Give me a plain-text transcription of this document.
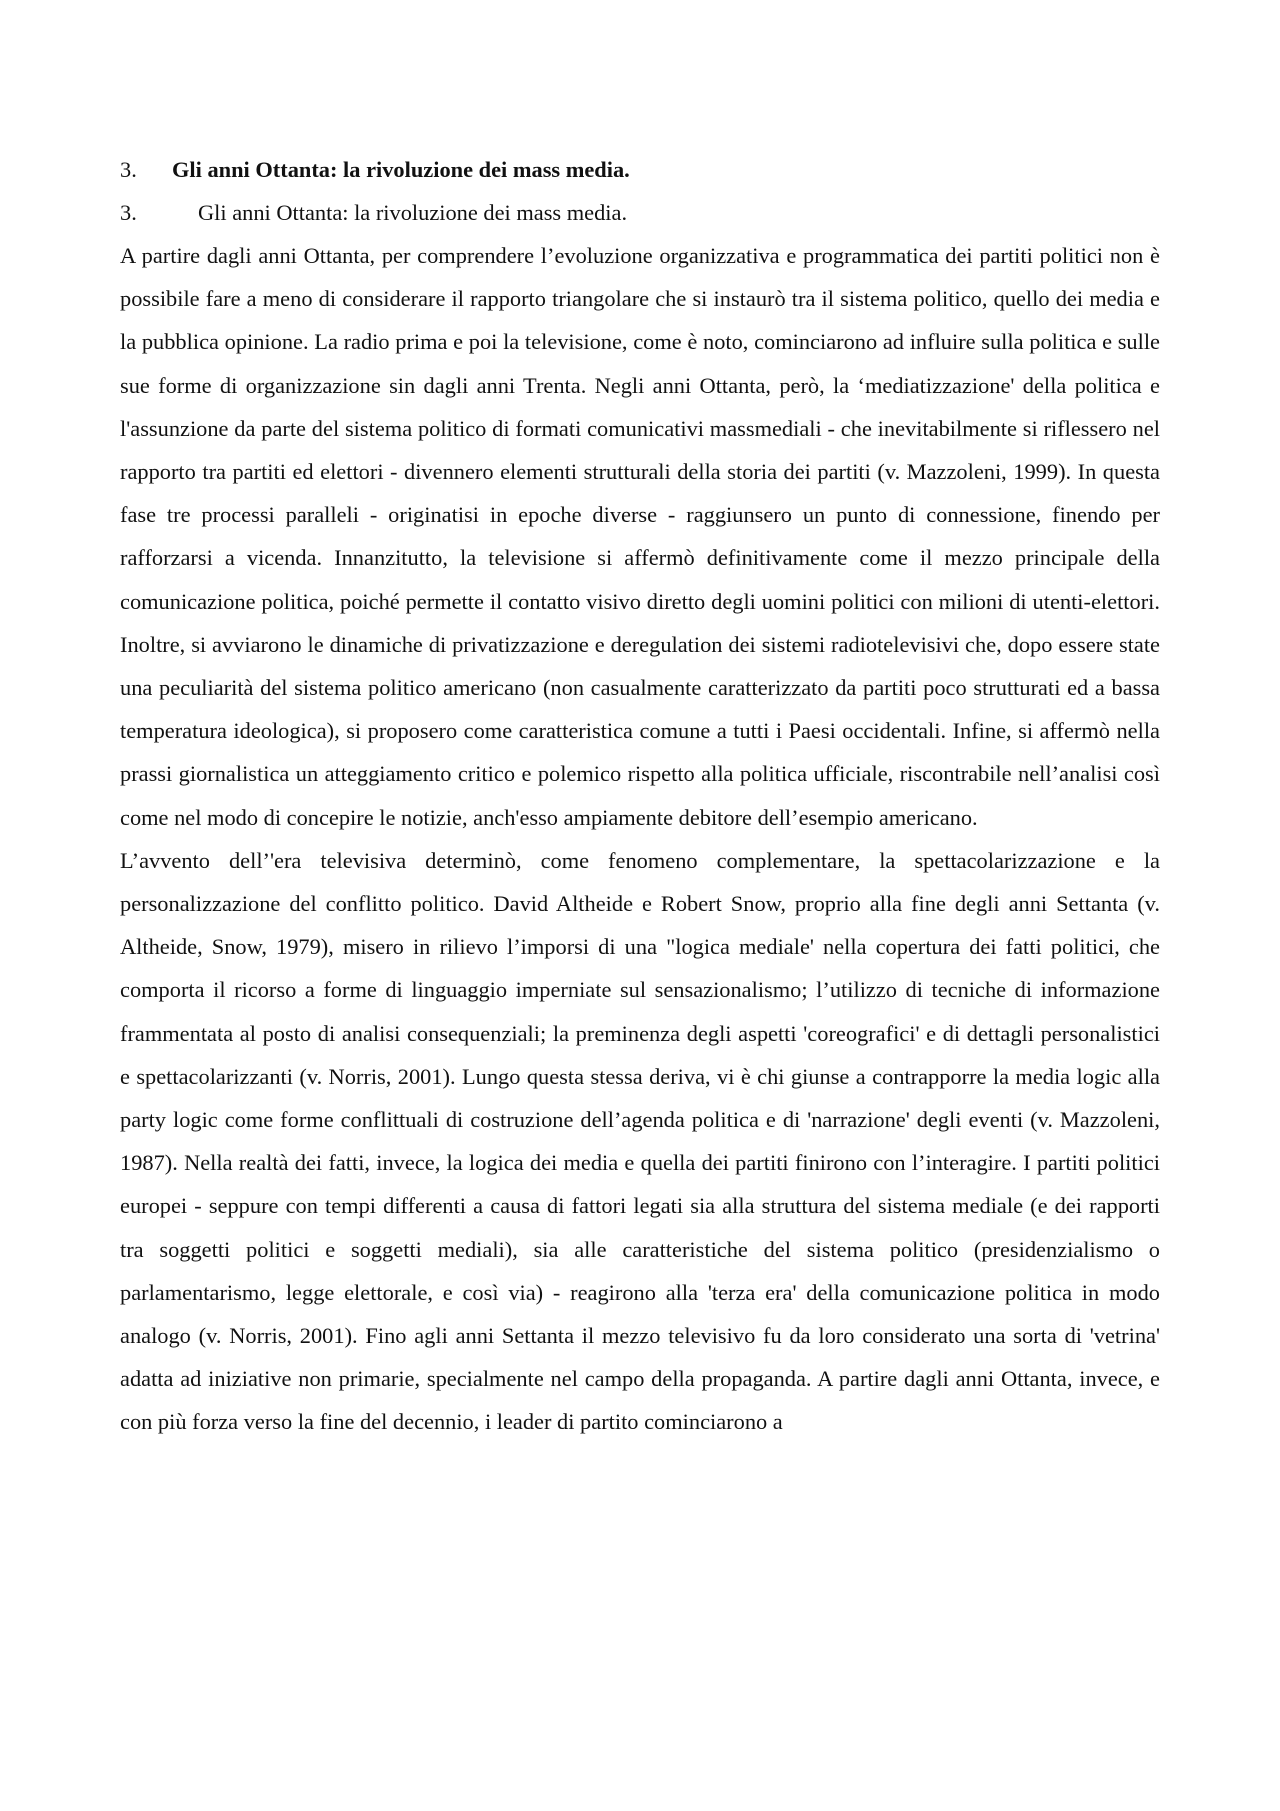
3. Gli anni Ottanta: la rivoluzione dei mass media.

3.	Gli anni Ottanta: la rivoluzione dei mass media.

A partire dagli anni Ottanta, per comprendere l’evoluzione organizzativa e programmatica dei partiti politici non è possibile fare a meno di considerare il rapporto triangolare che si instaurò tra il sistema politico, quello dei media e la pubblica opinione. La radio prima e poi la televisione, come è noto, cominciarono ad influire sulla politica e sulle sue forme di organizzazione sin dagli anni Trenta. Negli anni Ottanta, però, la ‘mediatizzazione' della politica e l'assunzione da parte del sistema politico di formati comunicativi massmediali - che inevitabilmente si riflessero nel rapporto tra partiti ed elettori - divennero elementi strutturali della storia dei partiti (v. Mazzoleni, 1999). In questa fase tre processi paralleli - originatisi in epoche diverse - raggiunsero un punto di connessione, finendo per rafforzarsi a vicenda. Innanzitutto, la televisione si affermò definitivamente come il mezzo principale della comunicazione politica, poiché permette il contatto visivo diretto degli uomini politici con milioni di utenti-elettori. Inoltre, si avviarono le dinamiche di privatizzazione e deregulation dei sistemi radiotelevisivi che, dopo essere state una peculiarità del sistema politico americano (non casualmente caratterizzato da partiti poco strutturati ed a bassa temperatura ideologica), si proposero come caratteristica comune a tutti i Paesi occidentali. Infine, si affermò nella prassi giornalistica un atteggiamento critico e polemico rispetto alla politica ufficiale, riscontrabile nell’analisi così come nel modo di concepire le notizie, anch'esso ampiamente debitore dell’esempio americano.

L’avvento dell’'era televisiva determinò, come fenomeno complementare, la spettacolarizzazione e la personalizzazione del conflitto politico. David Altheide e Robert Snow, proprio alla fine degli anni Settanta (v. Altheide, Snow, 1979), misero in rilievo l’imporsi di una "logica mediale' nella copertura dei fatti politici, che comporta il ricorso a forme di linguaggio imperniate sul sensazionalismo; l’utilizzo di tecniche di informazione frammentata al posto di analisi consequenziali; la preminenza degli aspetti 'coreografici' e di dettagli personalistici e spettacolarizzanti (v. Norris, 2001). Lungo questa stessa deriva, vi è chi giunse a contrapporre la media logic alla party logic come forme conflittuali di costruzione dell’agenda politica e di 'narrazione' degli eventi (v. Mazzoleni, 1987). Nella realtà dei fatti, invece, la logica dei media e quella dei partiti finirono con l’interagire. I partiti politici europei - seppure con tempi differenti a causa di fattori legati sia alla struttura del sistema mediale (e dei rapporti tra soggetti politici e soggetti mediali), sia alle caratteristiche del sistema politico (presidenzialismo o parlamentarismo, legge elettorale, e così via) - reagirono alla 'terza era' della comunicazione politica in modo analogo (v. Norris, 2001). Fino agli anni Settanta il mezzo televisivo fu da loro considerato una sorta di 'vetrina' adatta ad iniziative non primarie, specialmente nel campo della propaganda. A partire dagli anni Ottanta, invece, e con più forza verso la fine del decennio, i leader di partito cominciarono a
